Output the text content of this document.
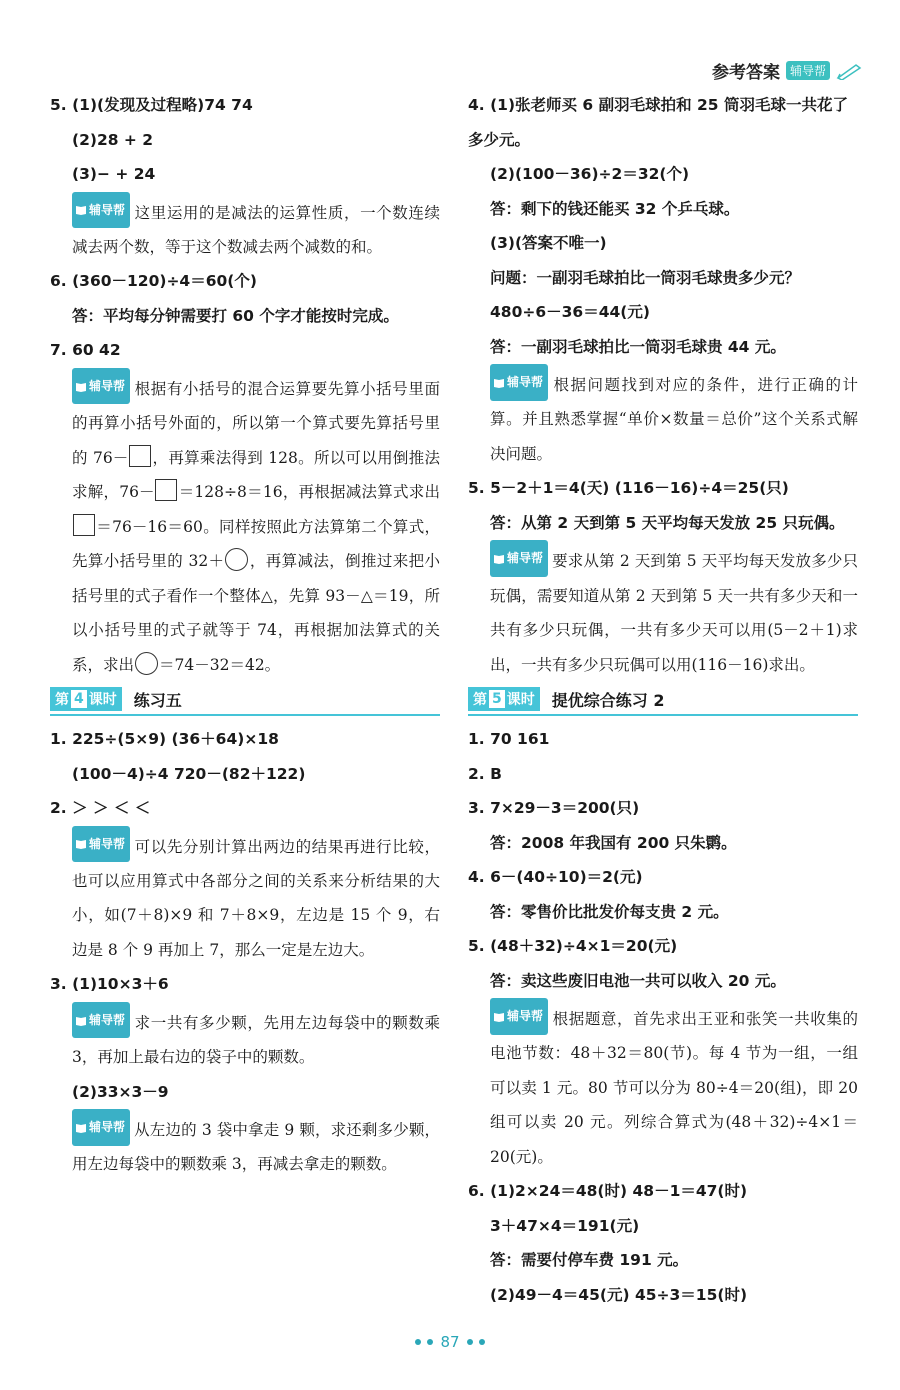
参考答案 辅导帮
5. (1)(发现及过程略)74 74
(2)28 + 2
(3)− + 24
辅导帮 这里运用的是减法的运算性质，一个数连续减去两个数，等于这个数减去两个减数的和。
6. (360－120)÷4＝60(个)
答：平均每分钟需要打 60 个字才能按时完成。
7. 60 42
辅导帮 根据有小括号的混合运算要先算小括号里面的再算小括号外面的，所以第一个算式要先算括号里的 76－ ，再算乘法得到 128。所以可以用倒推法求解，76－ ＝128÷8＝16，再根据减法算式求出＝76－16＝60。同样按照此方法算第二个算式，先算小括号里的 32＋ ，再算减法，倒推过来把小括号里的式子看作一个整体△，先算 93－△＝19，所以小括号里的式子就等于 74，再根据加法算式的关系，求出 ＝74－32＝42。
第 4 课时 练习五
1. 225÷(5×9) (36＋64)×18
(100－4)÷4 720－(82＋122)
2. ＞ ＞ ＜ ＜
辅导帮 可以先分别计算出两边的结果再进行比较，也可以应用算式中各部分之间的关系来分析结果的大小，如(7＋8)×9 和 7＋8×9，左边是 15 个 9，右边是 8 个 9 再加上 7，那么一定是左边大。
3. (1)10×3＋6
辅导帮 求一共有多少颗，先用左边每袋中的颗数乘 3，再加上最右边的袋子中的颗数。
(2)33×3－9
辅导帮 从左边的 3 袋中拿走 9 颗，求还剩多少颗，用左边每袋中的颗数乘 3，再减去拿走的颗数。
4. (1)张老师买 6 副羽毛球拍和 25 筒羽毛球一共花了多少元。
(2)(100－36)÷2＝32(个)
答：剩下的钱还能买 32 个乒乓球。
(3)(答案不唯一)
问题：一副羽毛球拍比一筒羽毛球贵多少元？
480÷6－36＝44(元)
答：一副羽毛球拍比一筒羽毛球贵 44 元。
辅导帮 根据问题找到对应的条件，进行正确的计算。并且熟悉掌握“单价×数量＝总价”这个关系式解决问题。
5. 5－2＋1＝4(天) (116－16)÷4＝25(只)
答：从第 2 天到第 5 天平均每天发放 25 只玩偶。
辅导帮 要求从第 2 天到第 5 天平均每天发放多少只玩偶，需要知道从第 2 天到第 5 天一共有多少天和一共有多少只玩偶，一共有多少天可以用(5－2＋1)求出，一共有多少只玩偶可以用(116－16)求出。
第 5 课时 提优综合练习 2
1. 70 161
2. B
3. 7×29－3＝200(只)
答：2008 年我国有 200 只朱鹮。
4. 6－(40÷10)＝2(元)
答：零售价比批发价每支贵 2 元。
5. (48＋32)÷4×1＝20(元)
答：卖这些废旧电池一共可以收入 20 元。
辅导帮 根据题意，首先求出王亚和张笑一共收集的电池节数：48＋32＝80(节)。每 4 节为一组，一组可以卖 1 元。80 节可以分为 80÷4＝20(组)，即 20 组可以卖 20 元。列综合算式为(48＋32)÷4×1＝20(元)。
6. (1)2×24＝48(时) 48－1＝47(时)
3＋47×4＝191(元)
答：需要付停车费 191 元。
(2)49－4＝45(元) 45÷3＝15(时)
87
